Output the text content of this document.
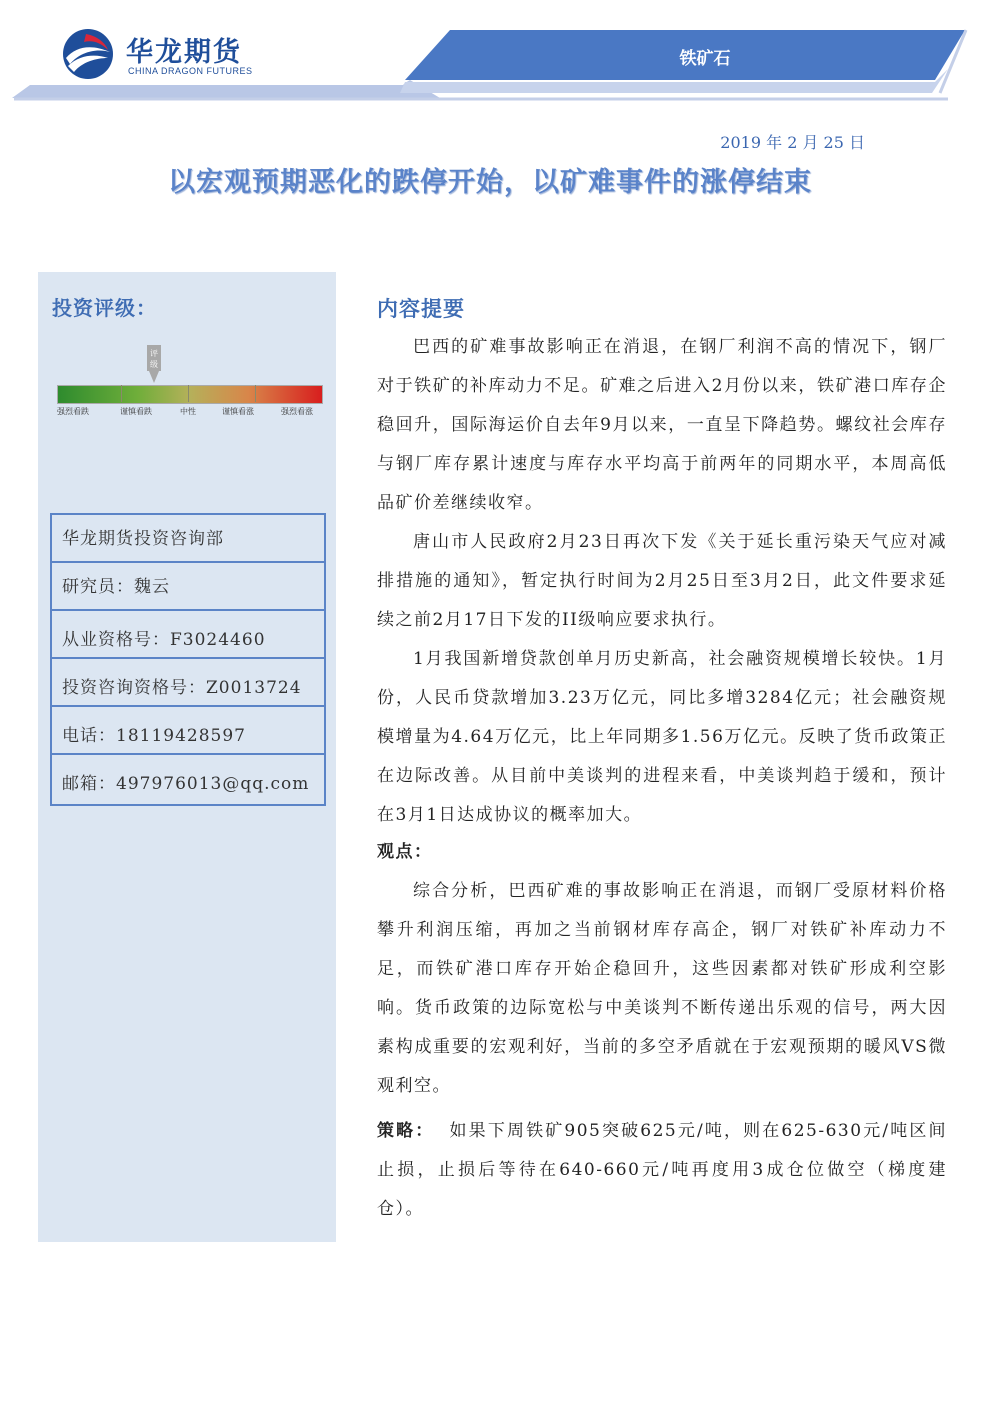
华龙期货
CHINA DRAGON FUTURES
铁矿石
2019 年 2 月 25 日
以宏观预期恶化的跌停开始，以矿难事件的涨停结束
投资评级：
评
级
强烈看跌	谨慎看跌	中性	谨慎看涨	强烈看涨
华龙期货投资咨询部
研究员：魏云
从业资格号：F3024460
投资咨询资格号：Z0013724
电话：18119428597
邮箱：497976013@qq.com
内容提要

巴西的矿难事故影响正在消退，在钢厂利润不高的情况下，钢厂对于铁矿的补库动力不足。矿难之后进入2月份以来，铁矿港口库存企稳回升，国际海运价自去年9月以来，一直呈下降趋势。螺纹社会库存与钢厂库存累计速度与库存水平均高于前两年的同期水平，本周高低品矿价差继续收窄。

唐山市人民政府2月23日再次下发《关于延长重污染天气应对减排措施的通知》，暂定执行时间为2月25日至3月2日，此文件要求延续之前2月17日下发的II级响应要求执行。

1月我国新增贷款创单月历史新高，社会融资规模增长较快。1月份，人民币贷款增加3.23万亿元，同比多增3284亿元；社会融资规模增量为4.64万亿元，比上年同期多1.56万亿元。反映了货币政策正在边际改善。从目前中美谈判的进程来看，中美谈判趋于缓和，预计在3月1日达成协议的概率加大。

观点：

综合分析，巴西矿难的事故影响正在消退，而钢厂受原材料价格攀升利润压缩，再加之当前钢材库存高企，钢厂对铁矿补库动力不足，而铁矿港口库存开始企稳回升，这些因素都对铁矿形成利空影响。货币政策的边际宽松与中美谈判不断传递出乐观的信号，两大因素构成重要的宏观利好，当前的多空矛盾就在于宏观预期的暖风VS微观利空。

策略： 如果下周铁矿905突破625元/吨，则在625-630元/吨区间止损，止损后等待在640-660元/吨再度用3成仓位做空（梯度建仓）。
